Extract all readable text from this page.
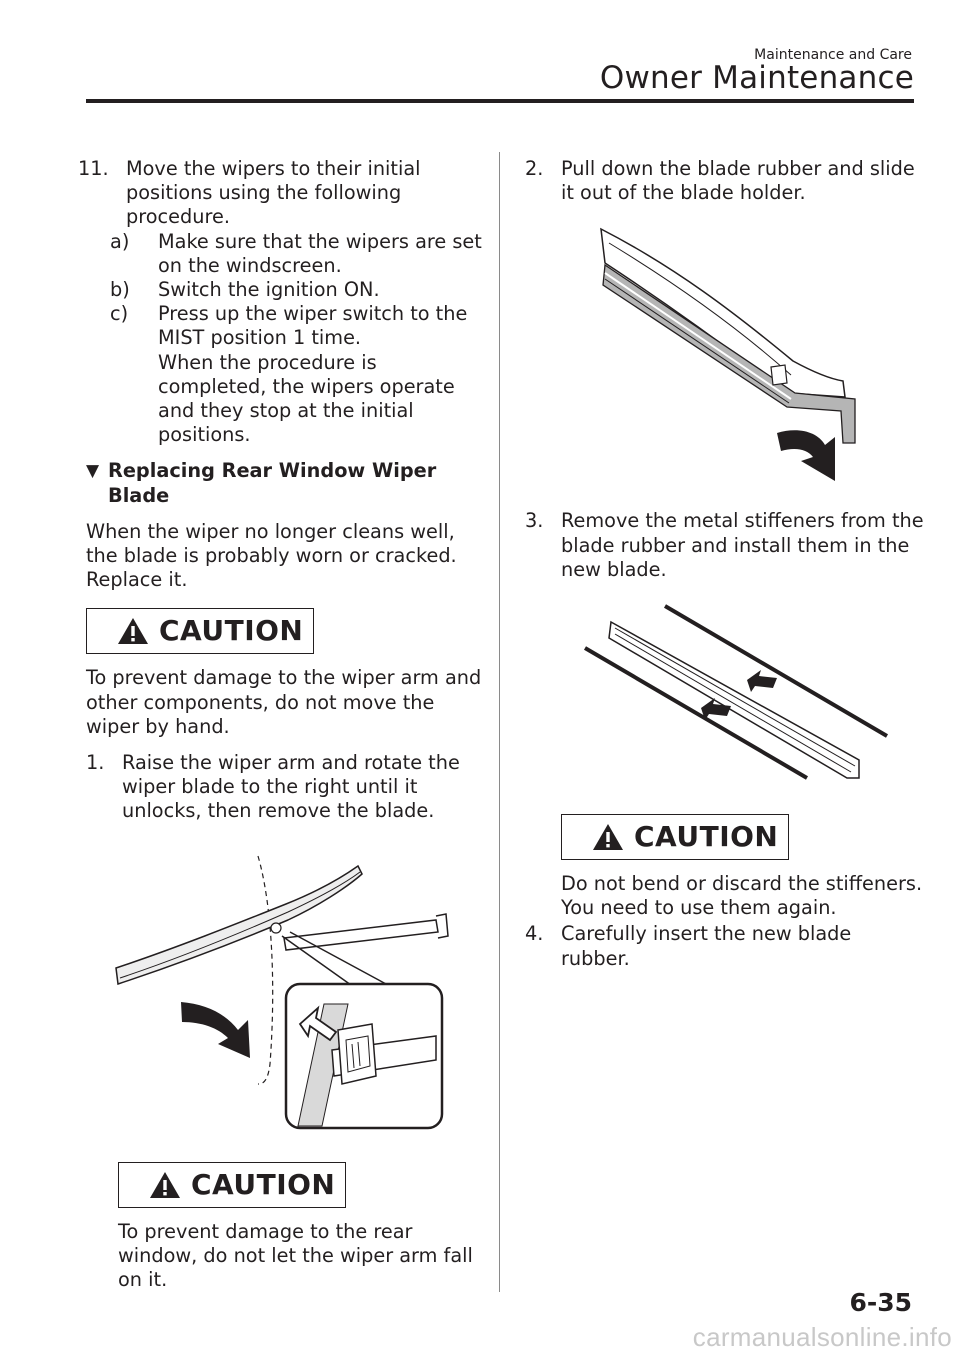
Maintenance and Care
Owner Maintenance
11. Move the wipers to their initial positions using the following procedure.
a) Make sure that the wipers are set on the windscreen.
b) Switch the ignition ON.
c) Press up the wiper switch to the MIST position 1 time.
When the procedure is completed, the wipers operate and they stop at the initial positions.
▼ Replacing Rear Window Wiper Blade
When the wiper no longer cleans well, the blade is probably worn or cracked. Replace it.
CAUTION
To prevent damage to the wiper arm and other components, do not move the wiper by hand.
1. Raise the wiper arm and rotate the wiper blade to the right until it unlocks, then remove the blade.
CAUTION
To prevent damage to the rear window, do not let the wiper arm fall on it.
2. Pull down the blade rubber and slide it out of the blade holder.
3. Remove the metal stiffeners from the blade rubber and install them in the new blade.
CAUTION
Do not bend or discard the stiffeners. You need to use them again.
4. Carefully insert the new blade rubber.
6-35
carmanualsonline.info
